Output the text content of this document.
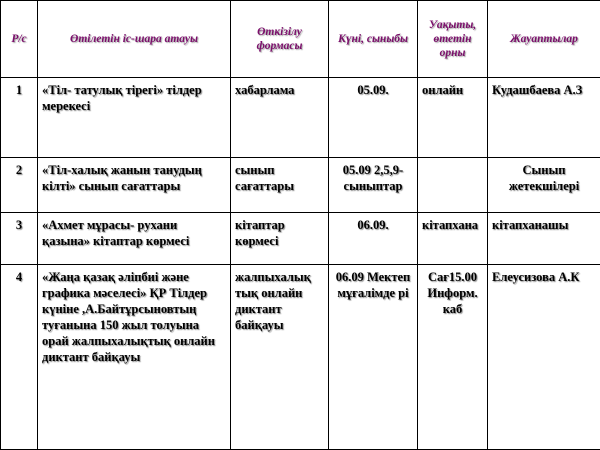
Р/с	Өтілетін іс-шара атауы	Өткізілу формасы	Күні, сыныбы	Уақыты, өтетін орны	Жауаптылар
1	«Тіл- татулық тірегі» тілдер мерекесі	хабарлама	05.09.	онлайн	Кудашбаева А.З
2	«Тіл-халық жанын танудың кілті» сынып сағаттары	сынып сағаттары	05.09 2,5,9-сыныптар		Сынып жетекшілері
3	«Ахмет мұрасы- рухани қазына» кітаптар көрмесі	кітаптар көрмесі	06.09.	кітапхана	кітапханашы
4	«Жаңа қазақ әліпбиі және графика мәселесі» ҚР Тілдер күніне ,А.Байтұрсыновтың туғанына 150 жыл толуына орай жалпыхалықтық онлайн диктант байқауы	жалпыхалық тық онлайн диктант байқауы	06.09 Мектеп мұғалімде рі	Сағ15.00 Информ. каб	Елеусизова А.К
